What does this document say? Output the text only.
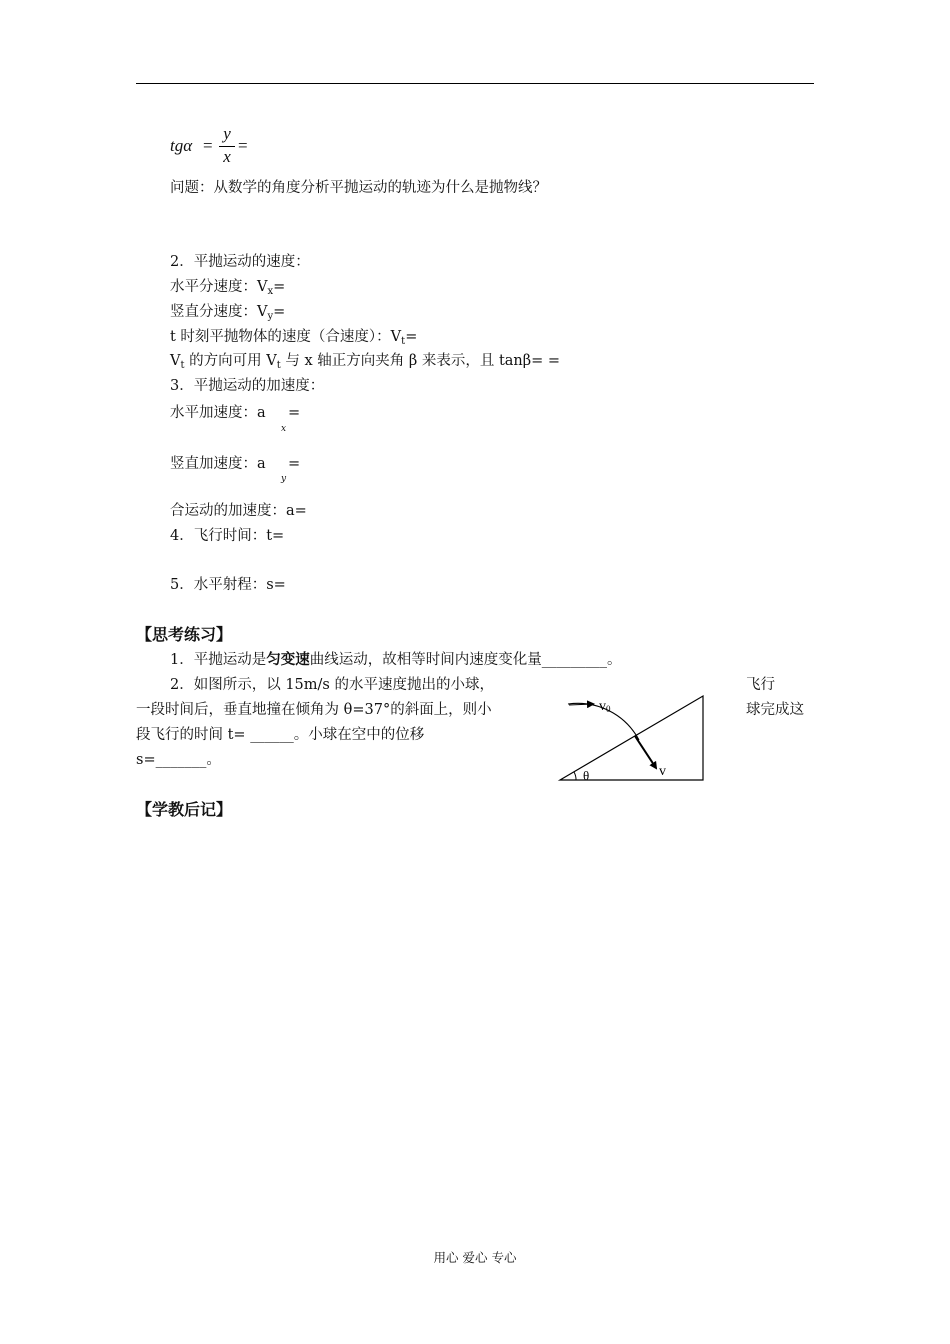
tgα =
y
x
=
问题：从数学的角度分析平抛运动的轨迹为什么是抛物线？
2．平抛运动的速度：
水平分速度：$V_x=$
竖直分速度：$V_y=$
t 时刻平抛物体的速度（合速度）：$V_t=$
$V_t$ 的方向可用 $V_t$ 与 x 轴正方向夹角 β 来表示，且 tanβ= =
3．平抛运动的加速度：
水平加速度：a
x
=
竖直加速度：a
y
=
合运动的加速度：a=
4．飞行时间：t=
5．水平射程：s=
【思考练习】
1．平抛运动是匀变速曲线运动，故相等时间内速度变化量_________。
2．如图所示，以 15m/s 的水平速度抛出的小球，	飞行
一段时间后，垂直地撞在倾角为 θ=37°的斜面上，则小	球完成这
段飞行的时间 t= ______。小球在空中的位移
s=_______。
v0
v
θ
【学教后记】
用心 爱心 专心
